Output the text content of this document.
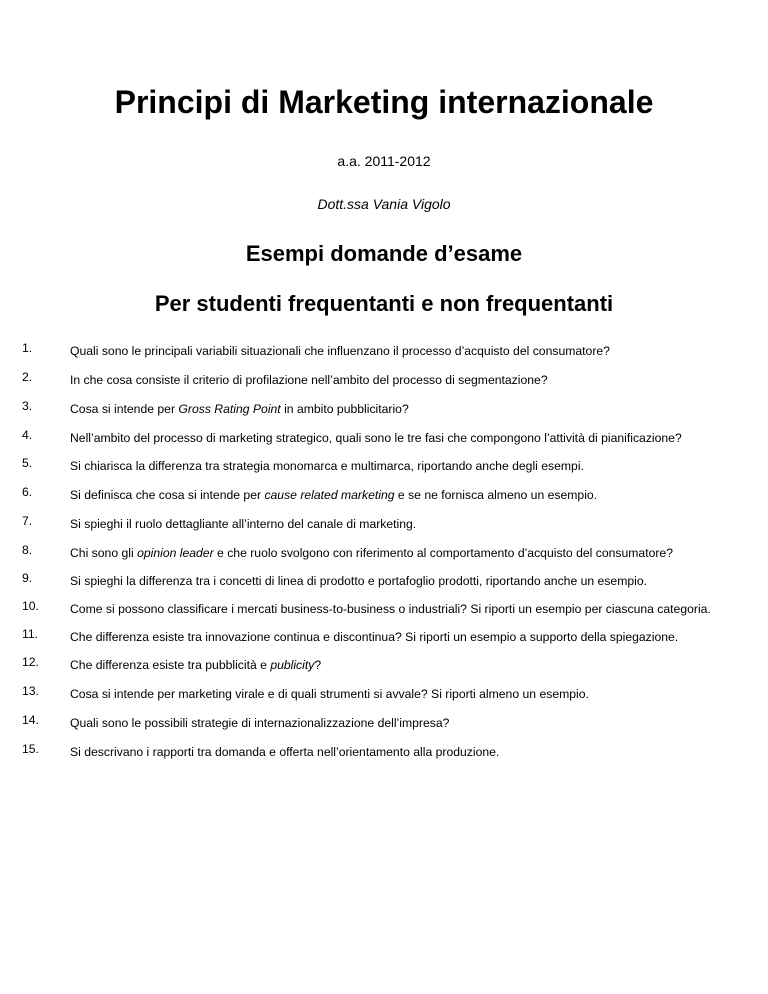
Principi di Marketing internazionale
a.a. 2011-2012
Dott.ssa Vania Vigolo
Esempi domande d’esame
Per studenti frequentanti e non frequentanti
1.	Quali sono le principali variabili situazionali che influenzano il processo d’acquisto del consumatore?
2.	In che cosa consiste il criterio di profilazione nell’ambito del processo di segmentazione?
3.	Cosa si intende per Gross Rating Point in ambito pubblicitario?
4.	Nell’ambito del processo di marketing strategico, quali sono le tre fasi che compongono l’attività di pianificazione?
5.	Si chiarisca la differenza tra strategia monomarca e multimarca, riportando anche degli esempi.
6.	Si definisca che cosa si intende per cause related marketing e se ne fornisca almeno un esempio.
7.	Si spieghi il ruolo dettagliante all’interno del canale di marketing.
8.	Chi sono gli opinion leader e che ruolo svolgono con riferimento al comportamento d’acquisto del consumatore?
9.	Si spieghi la differenza tra i concetti di linea di prodotto e portafoglio prodotti, riportando anche un esempio.
10.	Come si possono classificare i mercati business-to-business o industriali? Si riporti un esempio per ciascuna categoria.
11.	Che differenza esiste tra innovazione continua e discontinua? Si riporti un esempio a supporto della spiegazione.
12.	Che differenza esiste tra pubblicità e publicity?
13.	Cosa si intende per marketing virale e di quali strumenti si avvale? Si riporti almeno un esempio.
14.	Quali sono le possibili strategie di internazionalizzazione dell’impresa?
15.	Si descrivano i rapporti tra domanda e offerta nell’orientamento alla produzione.
